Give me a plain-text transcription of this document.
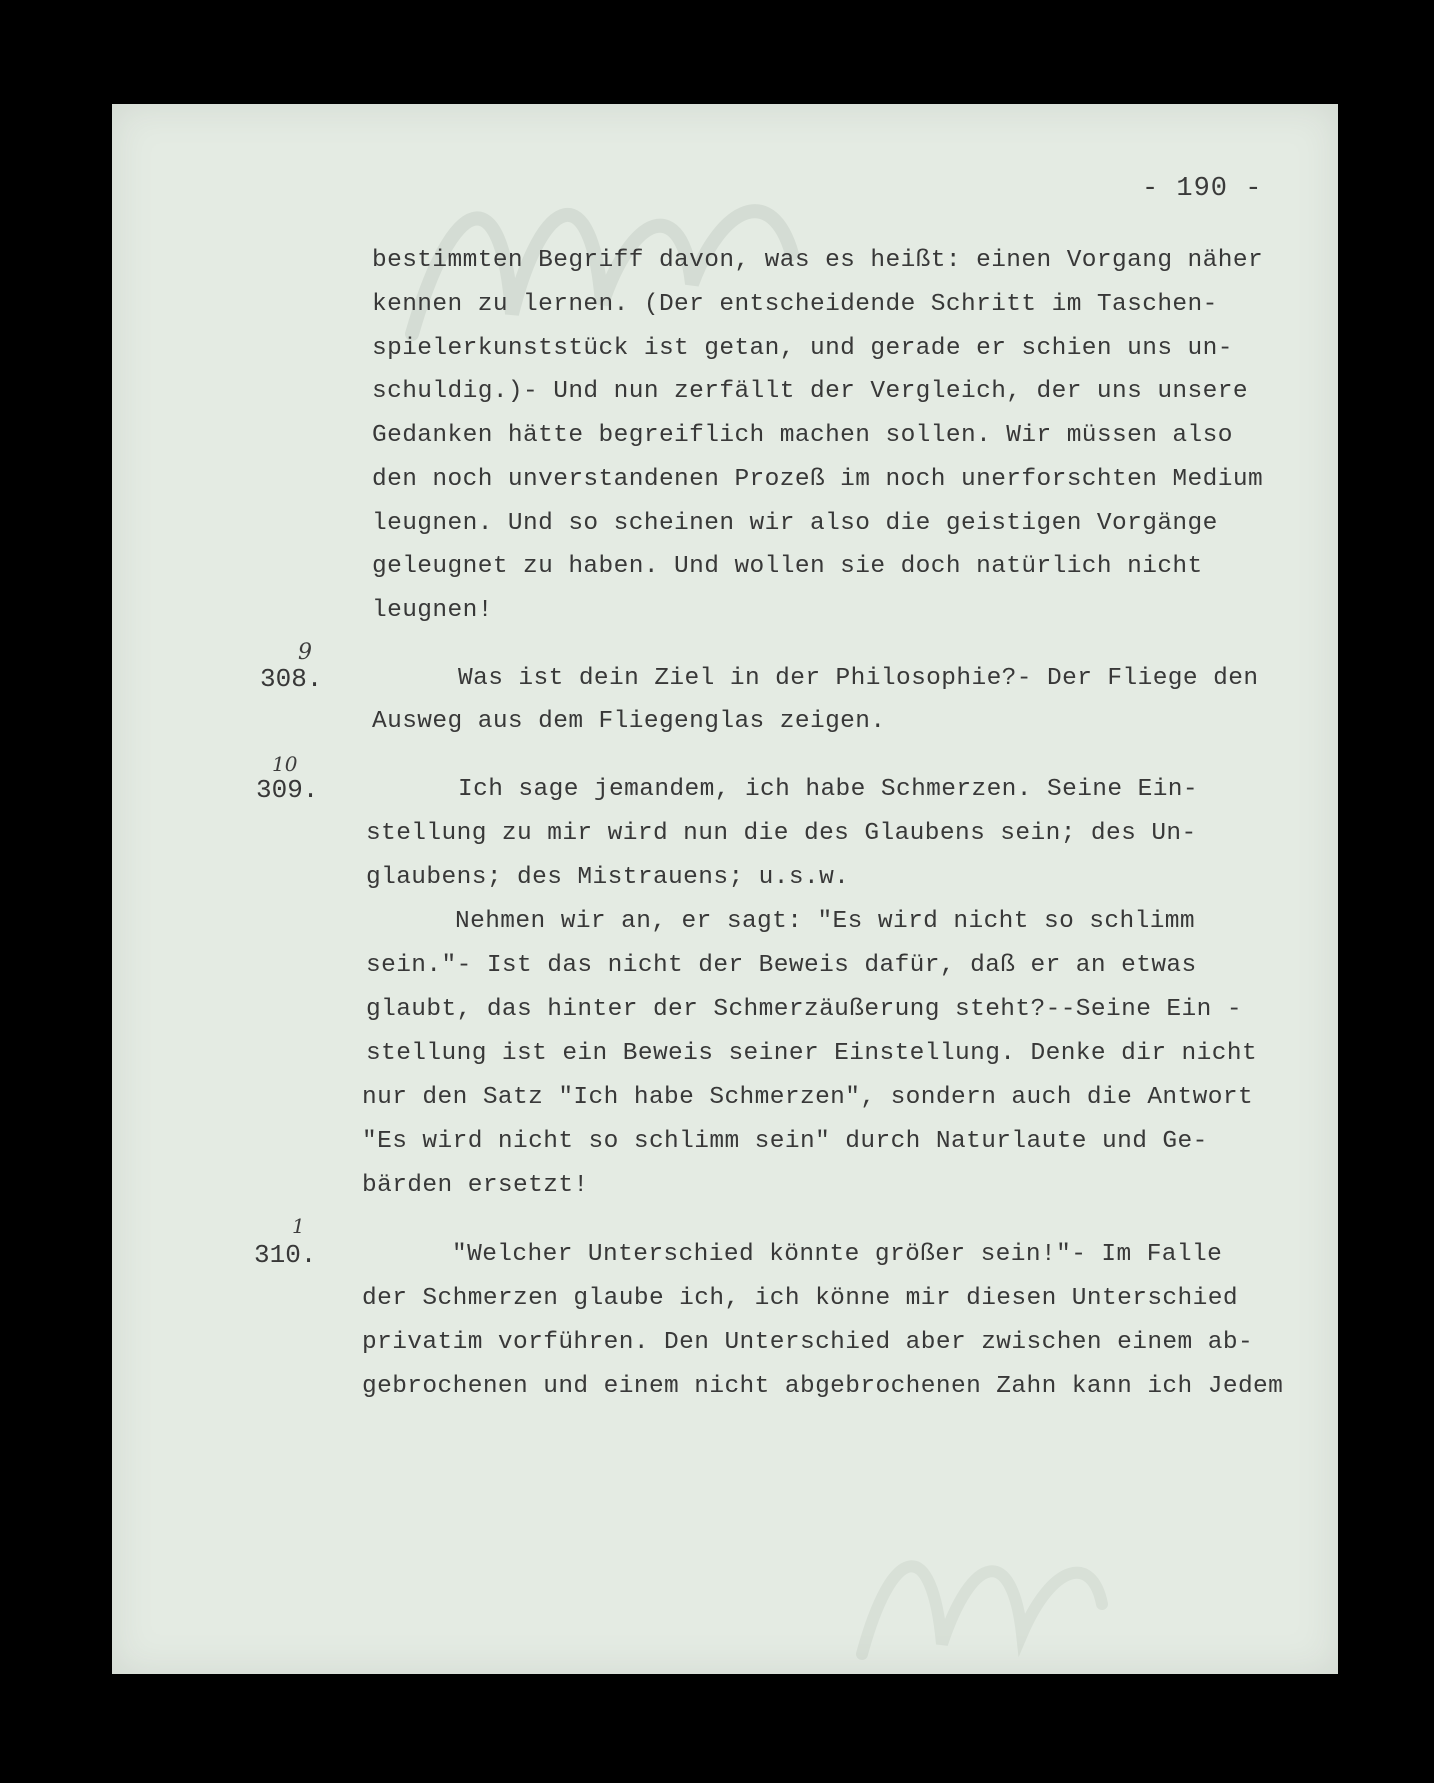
- 190 -
bestimmten Begriff davon, was es heißt: einen Vorgang näher
kennen zu lernen. (Der entscheidende Schritt im Taschen-
spielerkunststück ist getan, und gerade er schien uns un-
schuldig.)- Und nun zerfällt der Vergleich, der uns unsere
Gedanken hätte begreiflich machen sollen. Wir müssen also
den noch unverstandenen Prozeß im noch unerforschten Medium
leugnen. Und so scheinen wir also die geistigen Vorgänge
geleugnet zu haben. Und wollen sie doch natürlich nicht
leugnen!
308.
9
Was ist dein Ziel in der Philosophie?- Der Fliege den
Ausweg aus dem Fliegenglas zeigen.
10
309.	Ich sage jemandem, ich habe Schmerzen. Seine Ein-
stellung zu mir wird nun die des Glaubens sein; des Un-
glaubens; des Mistrauens; u.s.w.
Nehmen wir an, er sagt: "Es wird nicht so schlimm
sein."- Ist das nicht der Beweis dafür, daß er an etwas
glaubt, das hinter der Schmerzäußerung steht?--Seine Ein -
stellung ist ein Beweis seiner Einstellung. Denke dir nicht
nur den Satz "Ich habe Schmerzen", sondern auch die Antwort
"Es wird nicht so schlimm sein" durch Naturlaute und Ge-
bärden ersetzt!
1
310.	"Welcher Unterschied könnte größer sein!"- Im Falle
der Schmerzen glaube ich, ich könne mir diesen Unterschied
privatim vorführen. Den Unterschied aber zwischen einem ab-
gebrochenen und einem nicht abgebrochenen Zahn kann ich Jedem
